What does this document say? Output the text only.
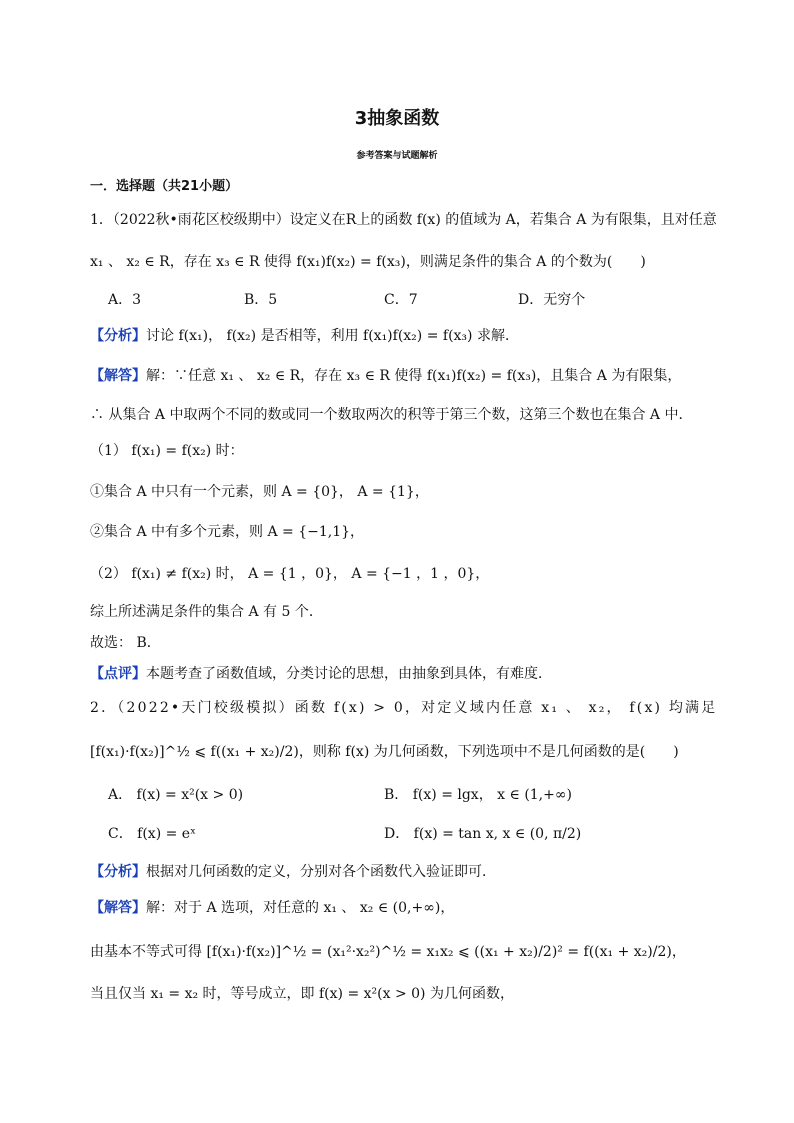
3抽象函数
参考答案与试题解析
一．选择题（共21小题）
1．（2022秋•雨花区校级期中）设定义在R上的函数 f(x) 的值域为 A，若集合 A 为有限集，且对任意
x₁ 、 x₂ ∈ R，存在 x₃ ∈ R 使得 f(x₁)f(x₂) = f(x₃)，则满足条件的集合 A 的个数为(　　)
A．3	B．5	C．7	D．无穷个
【分析】讨论 f(x₁)， f(x₂) 是否相等，利用 f(x₁)f(x₂) = f(x₃) 求解．
【解答】解：∵任意 x₁ 、 x₂ ∈ R，存在 x₃ ∈ R 使得 f(x₁)f(x₂) = f(x₃)，且集合 A 为有限集，
∴ 从集合 A 中取两个不同的数或同一个数取两次的积等于第三个数，这第三个数也在集合 A 中．
（1） f(x₁) = f(x₂) 时：
①集合 A 中只有一个元素，则 A = {0}， A = {1}，
②集合 A 中有多个元素，则 A = {−1,1}，
（2） f(x₁) ≠ f(x₂) 时， A = {1 ，0}， A = {−1 ，1 ，0}，
综上所述满足条件的集合 A 有 5 个．
故选： B．
【点评】本题考查了函数值域，分类讨论的思想，由抽象到具体，有难度．
2．（2022•天门校级模拟）函数 f(x) > 0，对定义域内任意 x₁ 、 x₂， f(x) 均满足
[f(x₁)·f(x₂)]^½ ⩽ f((x₁ + x₂)/2)，则称 f(x) 为几何函数，下列选项中不是几何函数的是(　　)
A． f(x) = x²(x > 0)	B． f(x) = lgx， x ∈ (1,+∞)
C． f(x) = eˣ	D． f(x) = tan x, x ∈ (0, π/2)
【分析】根据对几何函数的定义，分别对各个函数代入验证即可．
【解答】解：对于 A 选项，对任意的 x₁ 、 x₂ ∈ (0,+∞)，
由基本不等式可得 [f(x₁)·f(x₂)]^½ = (x₁²·x₂²)^½ = x₁x₂ ⩽ ((x₁ + x₂)/2)² = f((x₁ + x₂)/2)，
当且仅当 x₁ = x₂ 时，等号成立，即 f(x) = x²(x > 0) 为几何函数，
